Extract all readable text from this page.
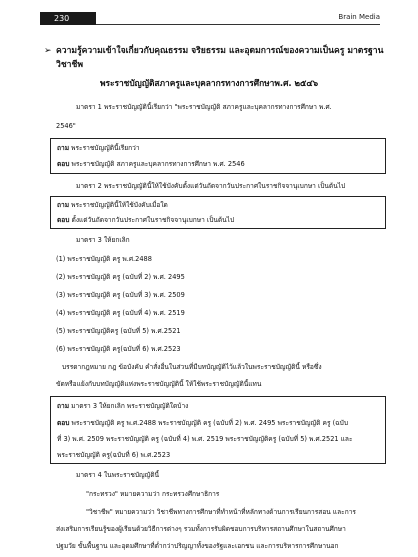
230	Brain Media
➢ ความรู้ความเข้าใจเกี่ยวกับคุณธรรม จริยธรรม และอุดมการณ์ของความเป็นครู มาตรฐาน
วิชาชีพ
พระราชบัญญัติสภาครูและบุคลากรทางการศึกษาพ.ศ. ๒๕๔๖
มาตรา 1 พระราชบัญญัตินี้เรียกว่า "พระราชบัญญัติ สภาครูและบุคลากรทางการศึกษา พ.ศ.
2546"
ถาม พระราชบัญญัตินี้เรียกว่า
ตอบ พระราชบัญญัติ สภาครูและบุคลากรทางการศึกษา พ.ศ. 2546
มาตรา 2 พระราชบัญญัตินี้ให้ใช้บังคับตั้งแต่วันถัดจากวันประกาศในราชกิจจานุเบกษา เป็นต้นไป
ถาม พระราชบัญญัตินี้ให้ใช้บังคับเมื่อใด
ตอบ ตั้งแต่วันถัดจากวันประกาศในราชกิจจานุเบกษา เป็นต้นไป
มาตรา 3 ให้ยกเลิก
(1) พระราชบัญญัติ ครู พ.ศ.2488
(2) พระราชบัญญัติ ครู (ฉบับที่ 2) พ.ศ. 2495
(3) พระราชบัญญัติ ครู (ฉบับที่ 3) พ.ศ. 2509
(4) พระราชบัญญัติ ครู (ฉบับที่ 4) พ.ศ. 2519
(5) พระราชบัญญัติครู (ฉบับที่ 5) พ.ศ.2521
(6) พระราชบัญญัติ ครู(ฉบับที่ 6) พ.ศ.2523
บรรดากฎหมาย กฎ ข้อบังคับ คำสั่งอื่นในส่วนที่มีบทบัญญัติไว้แล้วในพระราชบัญญัตินี้ หรือซึ่ง
ขัดหรือแย้งกับบทบัญญัติแห่งพระราชบัญญัตินี้ ให้ใช้พระราชบัญญัตินี้แทน
ถาม มาตรา 3 ให้ยกเลิก พระราชบัญญัติใดบ้าง
ตอบ พระราชบัญญัติ ครู พ.ศ.2488 พระราชบัญญัติ ครู (ฉบับที่ 2) พ.ศ. 2495 พระราชบัญญัติ ครู (ฉบับ
ที่ 3) พ.ศ. 2509 พระราชบัญญัติ ครู (ฉบับที่ 4) พ.ศ. 2519 พระราชบัญญัติครู (ฉบับที่ 5) พ.ศ.2521 และ
พระราชบัญญัติ ครู(ฉบับที่ 6) พ.ศ.2523
มาตรา 4 ในพระราชบัญญัตินี้
"กระทรวง" หมายความว่า กระทรวงศึกษาธิการ
"วิชาชีพ" หมายความว่า วิชาชีพทางการศึกษาที่ทำหน้าที่หลักทางด้านการเรียนการสอน และการ
ส่งเสริมการเรียนรู้ของผู้เรียนด้วยวิธีการต่างๆ รวมทั้งการรับผิดชอบการบริหารสถานศึกษาในสถานศึกษา
ปฐมวัย ขั้นพื้นฐาน และอุดมศึกษาที่ต่ำกว่าปริญญาทั้งของรัฐและเอกชน และการบริหารการศึกษานอก
